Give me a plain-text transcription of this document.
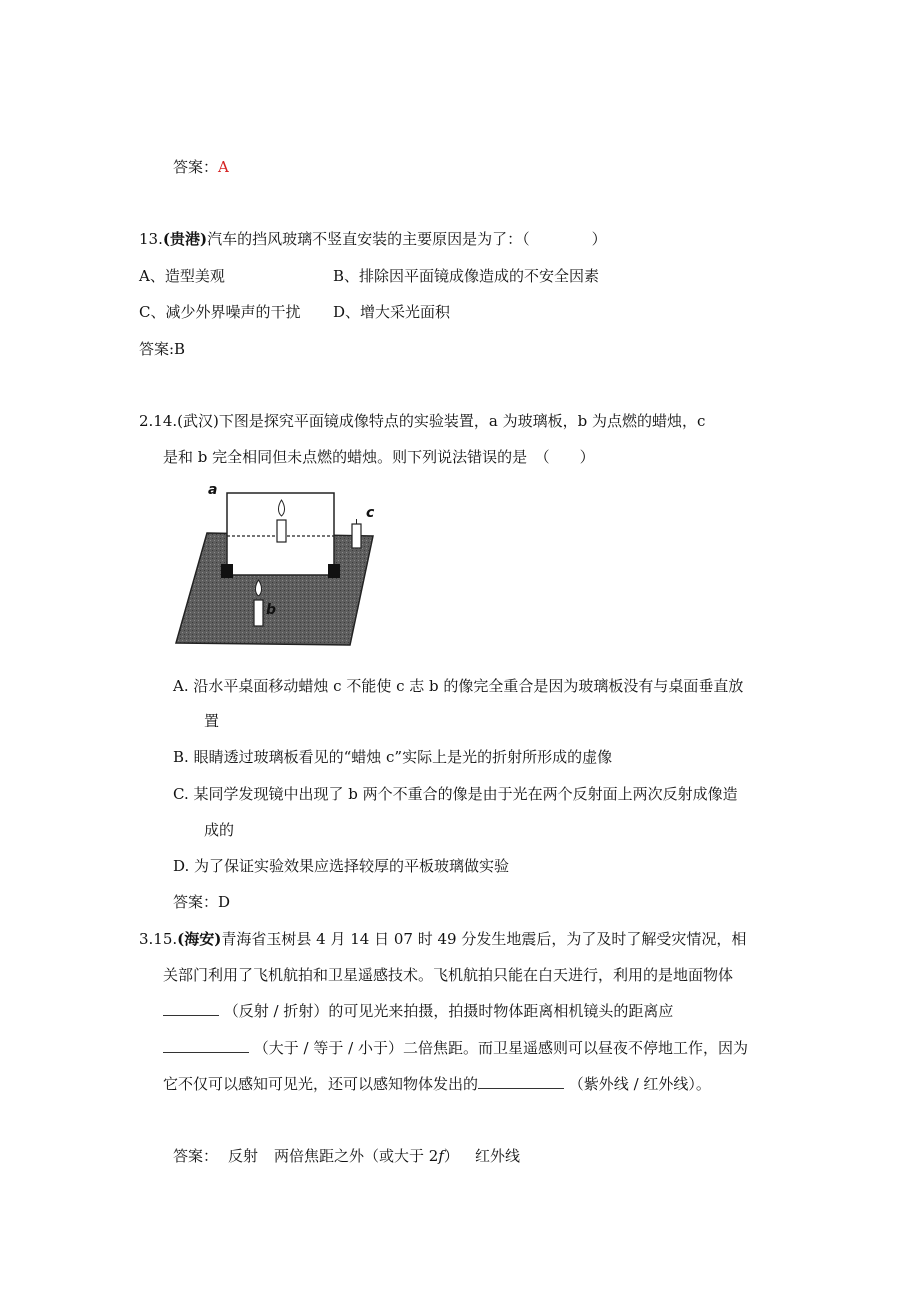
答案：A
13.(贵港)汽车的挡风玻璃不竖直安装的主要原因是为了：（	）
A、造型美观	B、排除因平面镜成像造成的不安全因素
C、减少外界噪声的干扰 D、增大采光面积
答案:B
2.14.(武汉)下图是探究平面镜成像特点的实验装置，a 为玻璃板，b 为点燃的蜡烛，c
是和 b 完全相同但未点燃的蜡烛。则下列说法错误的是　（　　）
a
b
c
A. 沿水平桌面移动蜡烛 c 不能使 c 志 b 的像完全重合是因为玻璃板没有与桌面垂直放
置
B. 眼睛透过玻璃板看见的“蜡烛 c”实际上是光的折射所形成的虚像
C. 某同学发现镜中出现了 b 两个不重合的像是由于光在两个反射面上两次反射成像造
成的
D. 为了保证实验效果应选择较厚的平板玻璃做实验
答案：D
3.15.(海安)青海省玉树县 4 月 14 日 07 时 49 分发生地震后，为了及时了解受灾情况，相
关部门利用了飞机航拍和卫星遥感技术。飞机航拍只能在白天进行，利用的是地面物体
（反射 / 折射）的可见光来拍摄，拍摄时物体距离相机镜头的距离应
（大于 / 等于 / 小于）二倍焦距。而卫星遥感则可以昼夜不停地工作，因为
它不仅可以感知可见光，还可以感知物体发出的	（紫外线 / 红外线）。
答案： 反射 两倍焦距之外（或大于 2f） 红外线
